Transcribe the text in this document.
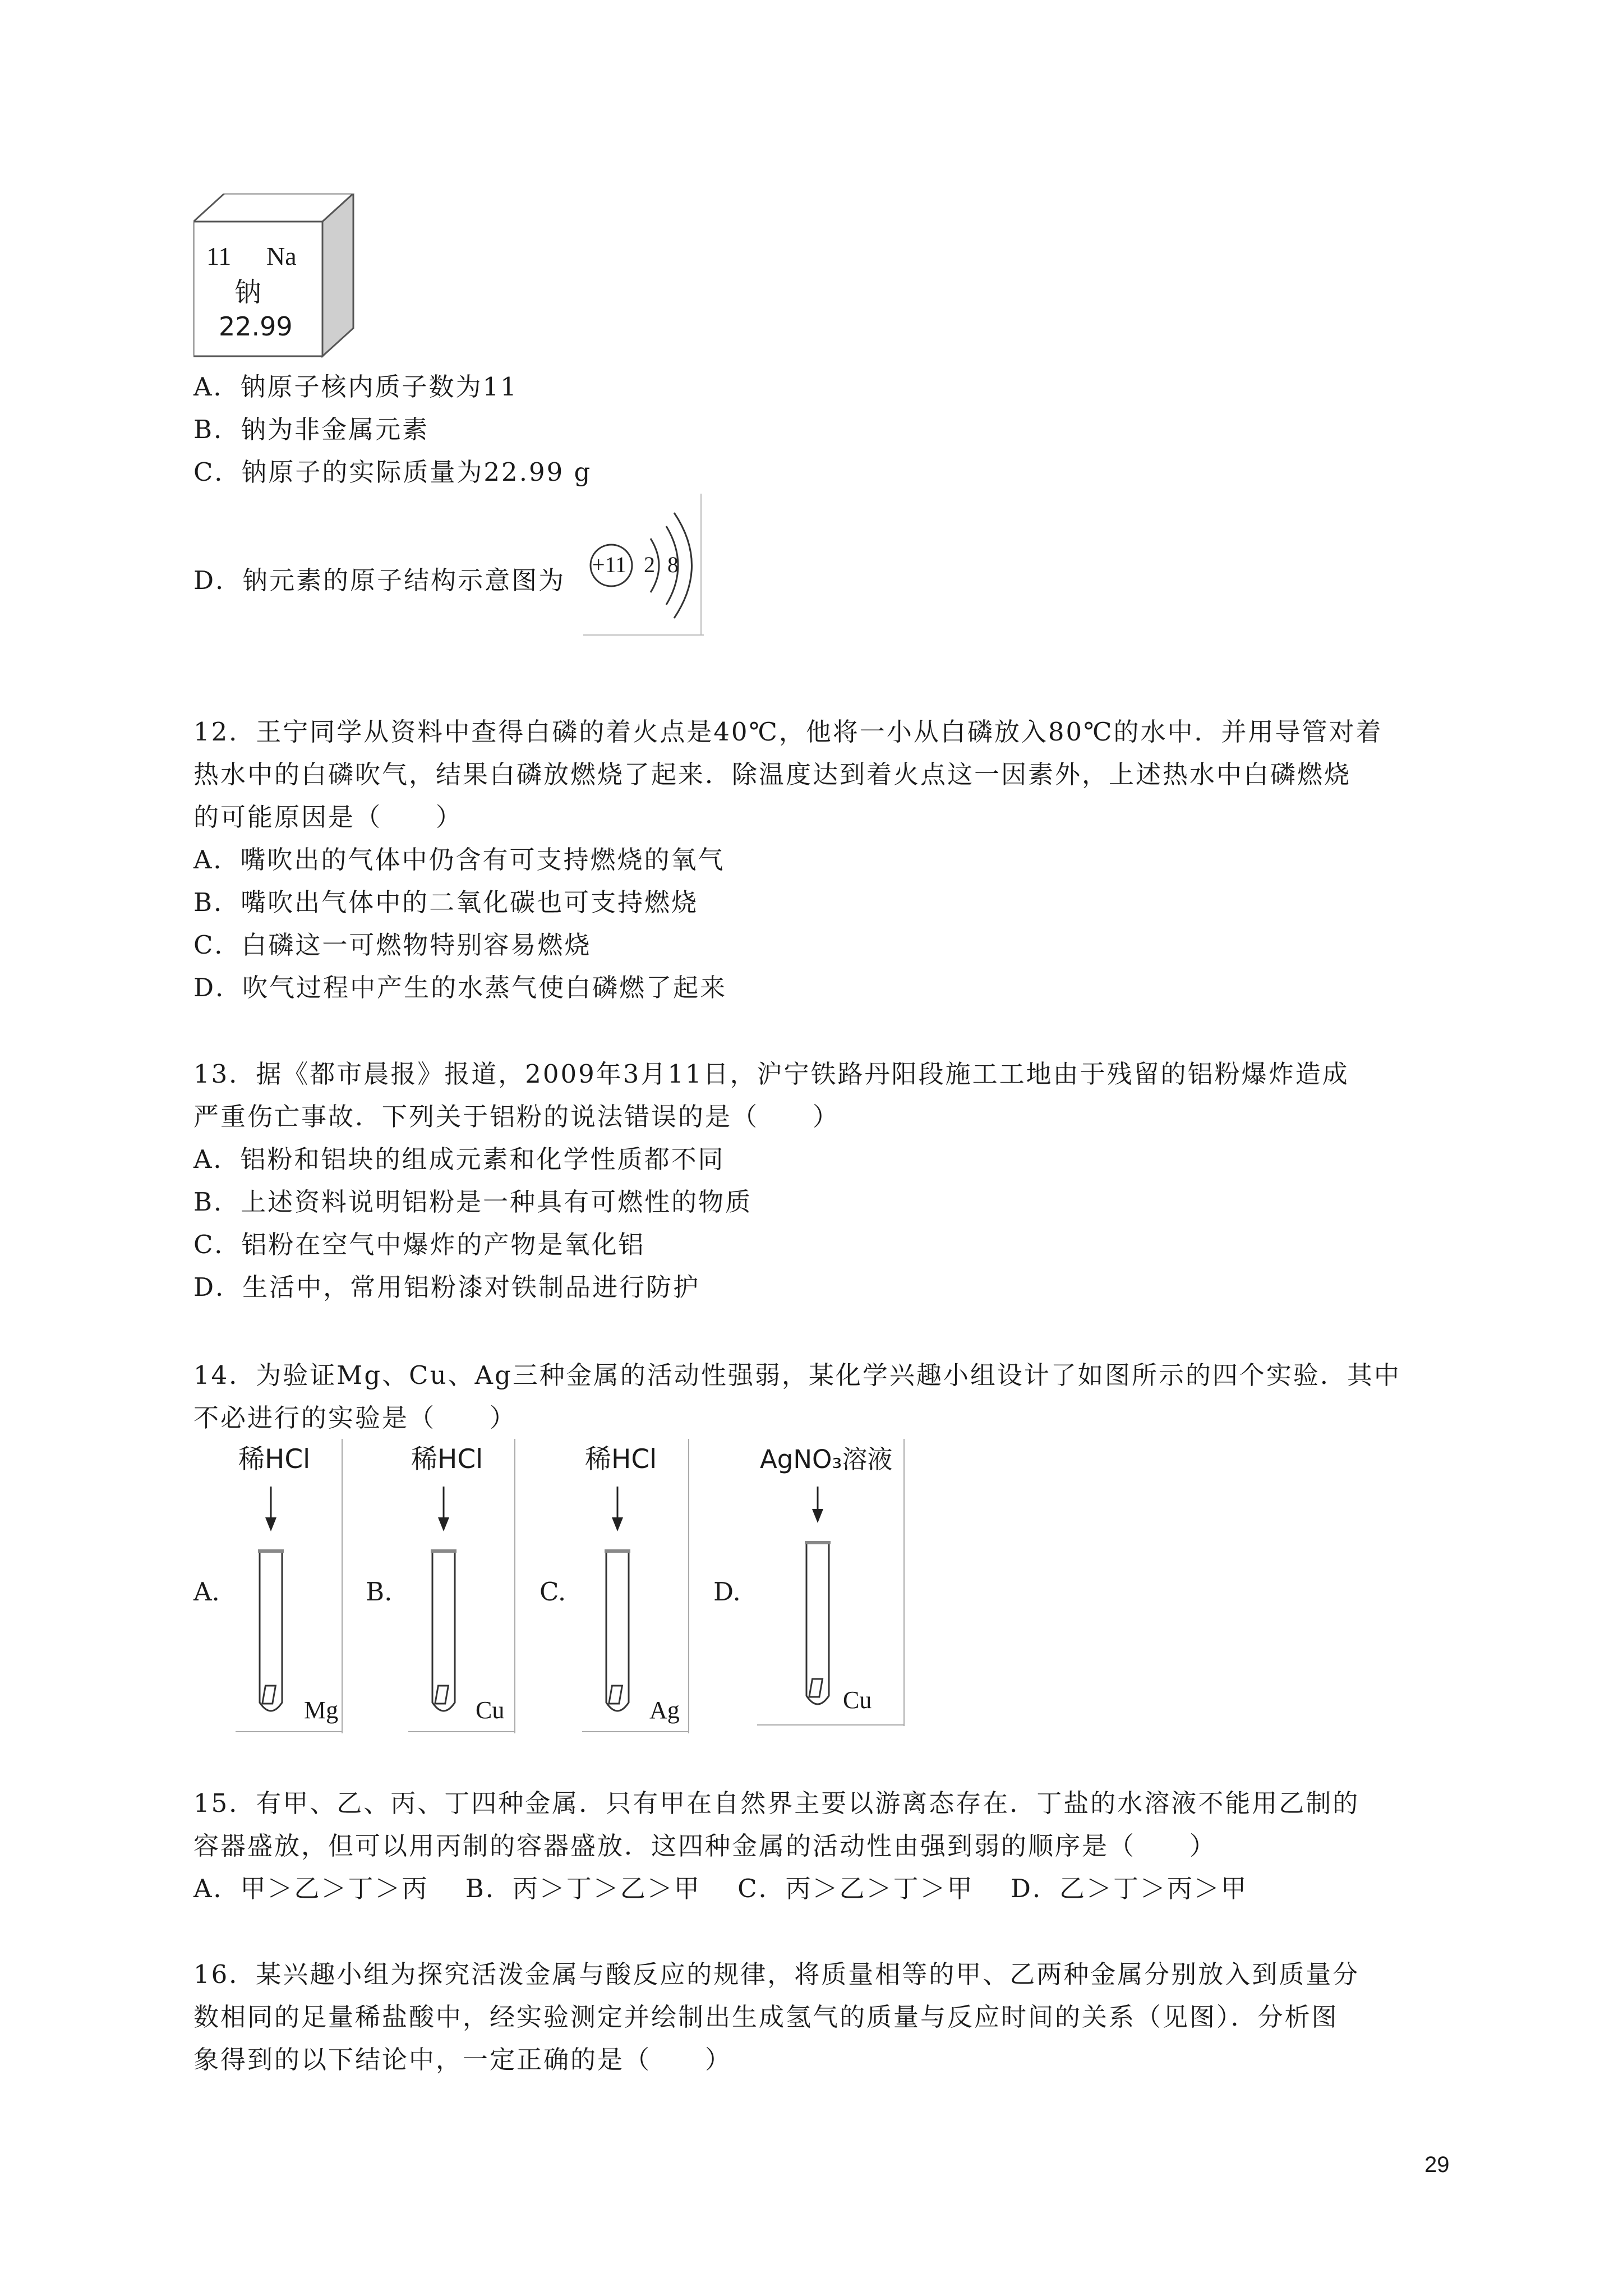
11 Na
钠
22.99
A．钠原子核内质子数为11
B．钠为非金属元素
C．钠原子的实际质量为22.99 g
D．钠元素的原子结构示意图为
+11 2 8
12．王宁同学从资料中查得白磷的着火点是40℃，他将一小从白磷放入80℃的水中．并用导管对着
热水中的白磷吹气，结果白磷放燃烧了起来．除温度达到着火点这一因素外，上述热水中白磷燃烧
的可能原因是（　　）
A．嘴吹出的气体中仍含有可支持燃烧的氧气
B．嘴吹出气体中的二氧化碳也可支持燃烧
C．白磷这一可燃物特别容易燃烧
D．吹气过程中产生的水蒸气使白磷燃了起来
13．据《都市晨报》报道，2009年3月11日，沪宁铁路丹阳段施工工地由于残留的铝粉爆炸造成
严重伤亡事故．下列关于铝粉的说法错误的是（　　）
A．铝粉和铝块的组成元素和化学性质都不同
B．上述资料说明铝粉是一种具有可燃性的物质
C．铝粉在空气中爆炸的产物是氧化铝
D．生活中，常用铝粉漆对铁制品进行防护
14．为验证Mg、Cu、Ag三种金属的活动性强弱，某化学兴趣小组设计了如图所示的四个实验．其中
不必进行的实验是（　　）
A.
稀HCl
Mg
B.
稀HCl
Cu
C.
稀HCl
Ag
D.
AgNO₃溶液
Cu
15．有甲、乙、丙、丁四种金属．只有甲在自然界主要以游离态存在．丁盐的水溶液不能用乙制的
容器盛放，但可以用丙制的容器盛放．这四种金属的活动性由强到弱的顺序是（　　）
A．甲＞乙＞丁＞丙　 B．丙＞丁＞乙＞甲　 C．丙＞乙＞丁＞甲　 D．乙＞丁＞丙＞甲
16．某兴趣小组为探究活泼金属与酸反应的规律，将质量相等的甲、乙两种金属分别放入到质量分
数相同的足量稀盐酸中，经实验测定并绘制出生成氢气的质量与反应时间的关系（见图）．分析图
象得到的以下结论中，一定正确的是（　　）
29
